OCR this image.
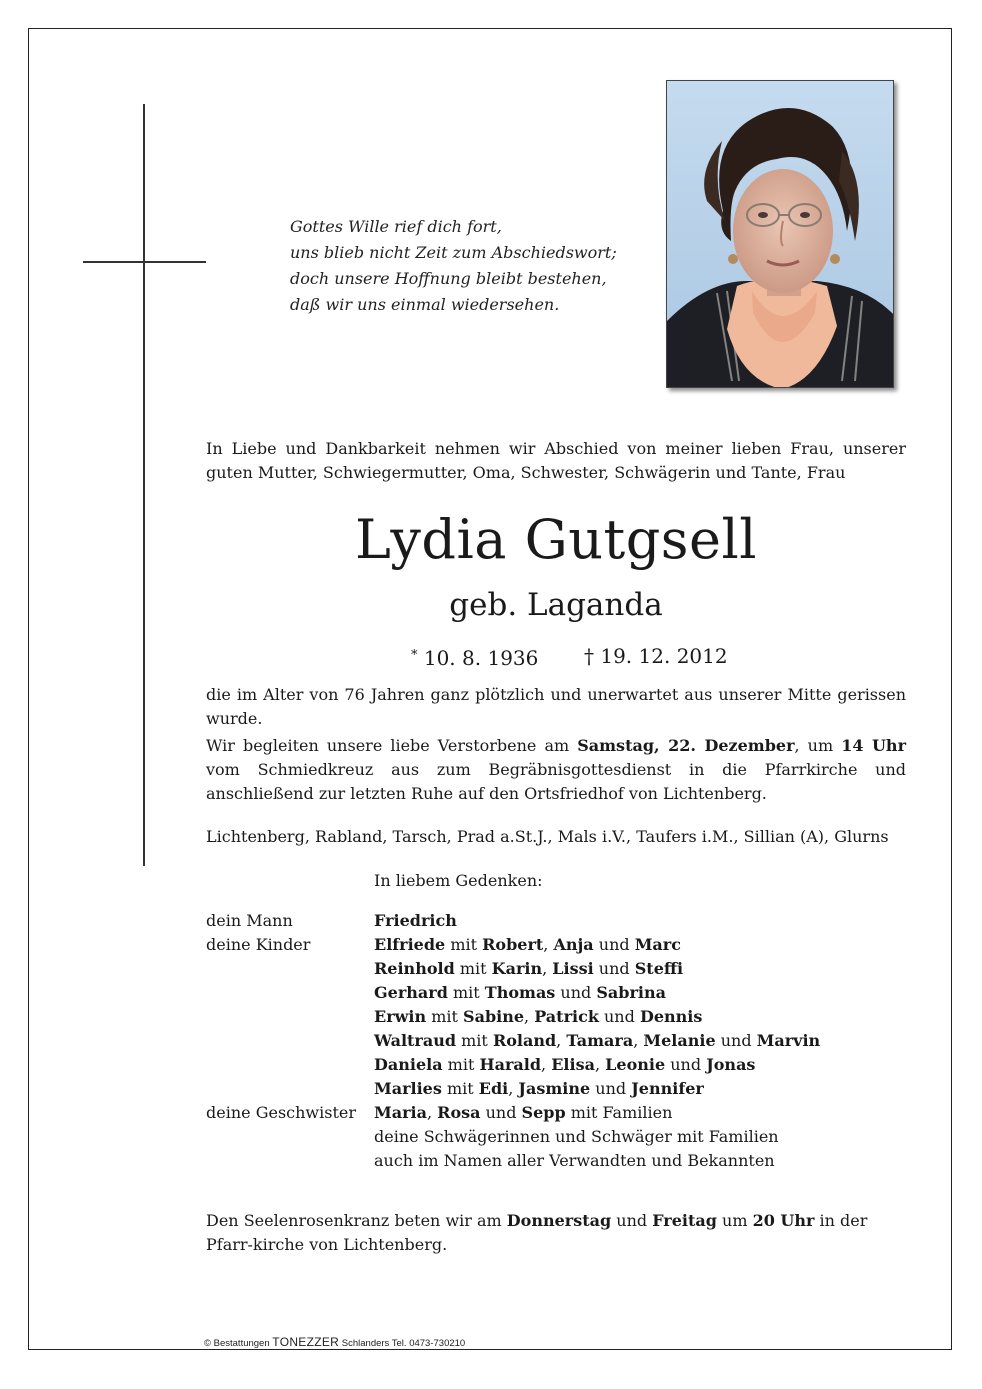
Gottes Wille rief dich fort,
uns blieb nicht Zeit zum Abschiedswort;
doch unsere Hoffnung bleibt bestehen,
daß wir uns einmal wiedersehen.
In Liebe und Dankbarkeit nehmen wir Abschied von meiner lieben Frau, unserer guten Mutter, Schwiegermutter, Oma, Schwester, Schwägerin und Tante, Frau
Lydia Gutgsell
geb. Laganda
* 10. 8. 1936 † 19. 12. 2012
die im Alter von 76 Jahren ganz plötzlich und unerwartet aus unserer Mitte gerissen wurde.
Wir begleiten unsere liebe Verstorbene am Samstag, 22. Dezember, um 14 Uhr vom Schmiedkreuz aus zum Begräbnisgottesdienst in die Pfarrkirche und anschließend zur letzten Ruhe auf den Ortsfriedhof von Lichtenberg.
Lichtenberg, Rabland, Tarsch, Prad a.St.J., Mals i.V., Taufers i.M., Sillian (A), Glurns
In liebem Gedenken:
dein Mann	Friedrich
deine Kinder	Elfriede mit Robert, Anja und Marc
Reinhold mit Karin, Lissi und Steffi
Gerhard mit Thomas und Sabrina
Erwin mit Sabine, Patrick und Dennis
Waltraud mit Roland, Tamara, Melanie und Marvin
Daniela mit Harald, Elisa, Leonie und Jonas
Marlies mit Edi, Jasmine und Jennifer
deine Geschwister Maria, Rosa und Sepp mit Familien
deine Schwägerinnen und Schwäger mit Familien
auch im Namen aller Verwandten und Bekannten
Den Seelenrosenkranz beten wir am Donnerstag und Freitag um 20 Uhr in der Pfarr-kirche von Lichtenberg.
© Bestattungen TONEZZER Schlanders Tel. 0473-730210
